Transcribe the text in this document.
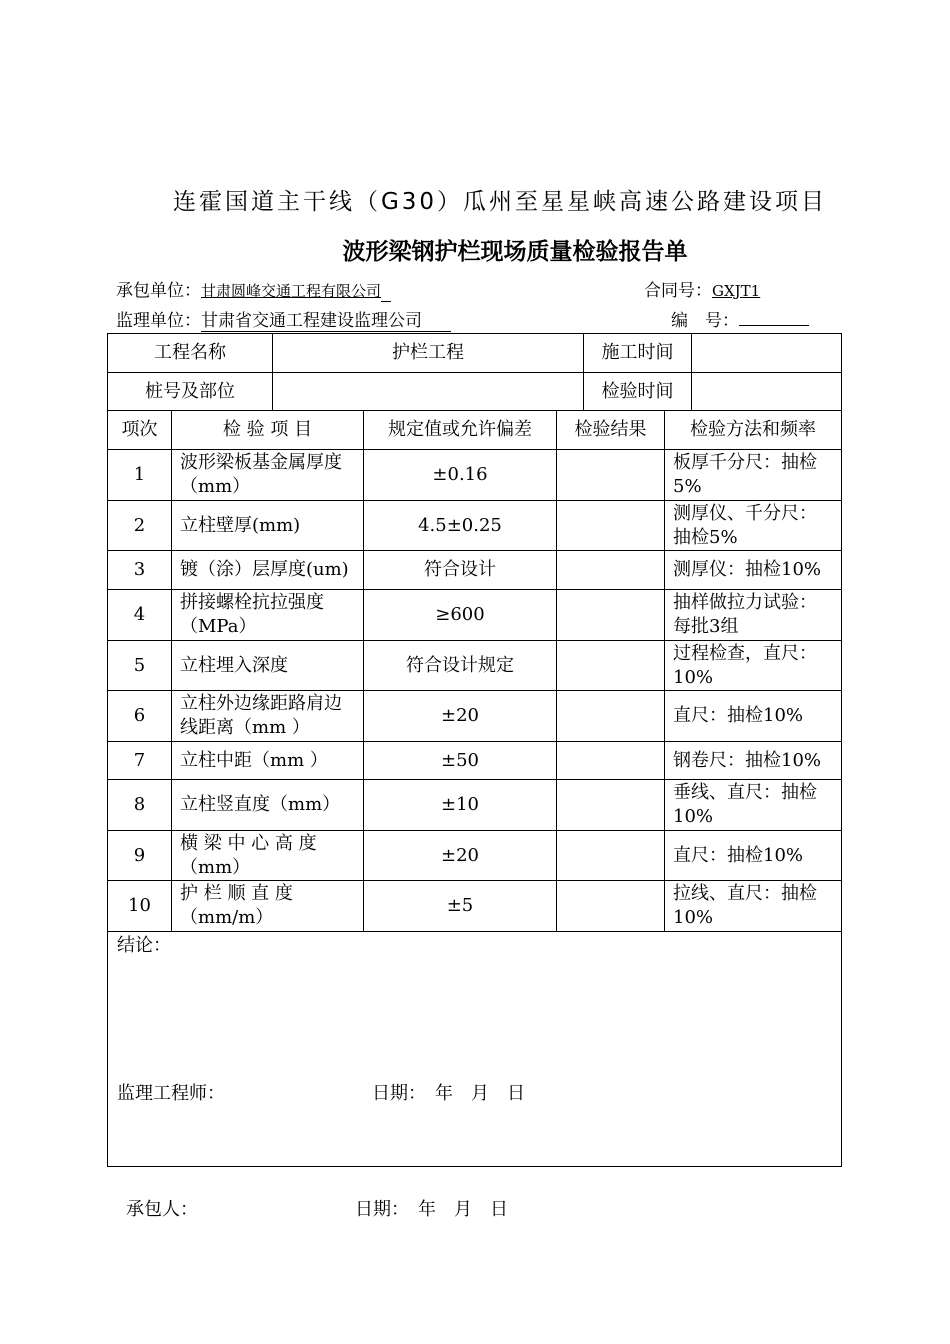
连霍国道主干线（G30）瓜州至星星峡高速公路建设项目
波形梁钢护栏现场质量检验报告单
承包单位：甘肃圆峰交通工程有限公司	合同号：GXJT1
监理单位：甘肃省交通工程建设监理公司	编　号：
工程名称		护栏工程			施工时间		
桩号及部位					检验时间		
项次	检 验 项 目		规定值或允许偏差	检验结果		检验方法和频率	
1	波形梁板基金属厚度（mm）		±0.16			板厚千分尺：抽检5%	
2	立柱壁厚(mm)		4.5±0.25			测厚仪、千分尺：抽检5%	
3	镀（涂）层厚度(um)		符合设计			测厚仪：抽检10%	
4	拼接螺栓抗拉强度（MPa）		≥600			抽样做拉力试验：每批3组	
5	立柱埋入深度		符合设计规定			过程检查，直尺：10%	
6	立柱外边缘距路肩边线距离（mm ）		±20			直尺：抽检10%	
7	立柱中距（mm ）		±50			钢卷尺：抽检10%	
8	立柱竖直度（mm）		±10			垂线、直尺：抽检10%	
9	横 梁 中 心 高 度（mm）		±20			直尺：抽检10%	
10	护 栏 顺 直 度（mm/m）		±5			拉线、直尺：抽检10%	

结论：
监理工程师： 日期：　年　月　日							
承包人：	日期：　年　月　日
